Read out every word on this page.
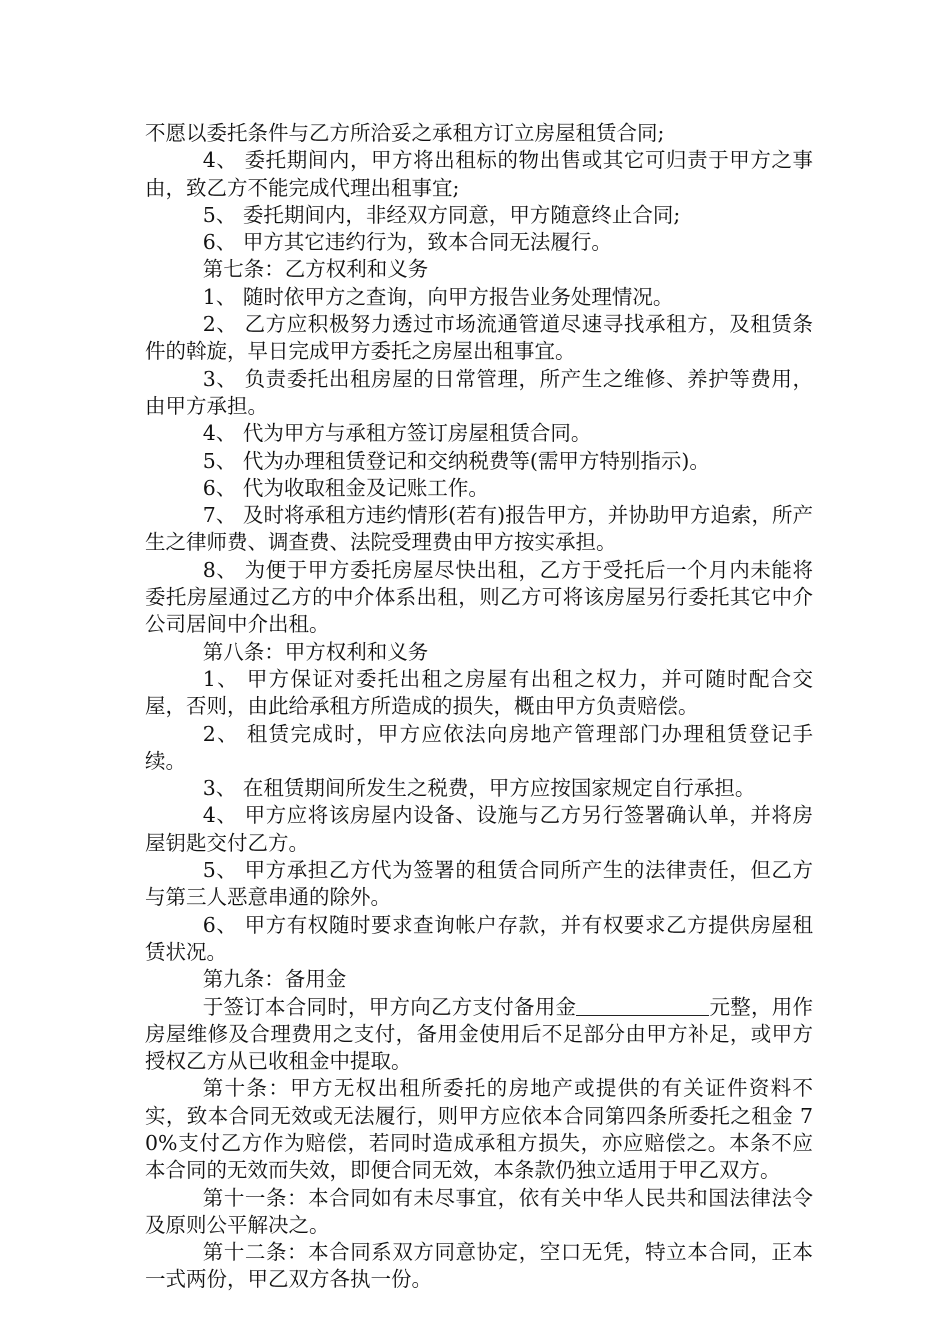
不愿以委托条件与乙方所洽妥之承租方订立房屋租赁合同;

4、 委托期间内，甲方将出租标的物出售或其它可归责于甲方之事由，致乙方不能完成代理出租事宜;

5、 委托期间内，非经双方同意，甲方随意终止合同;

6、 甲方其它违约行为，致本合同无法履行。

第七条：乙方权利和义务

1、 随时依甲方之查询，向甲方报告业务处理情况。

2、 乙方应积极努力透过市场流通管道尽速寻找承租方，及租赁条件的斡旋，早日完成甲方委托之房屋出租事宜。

3、 负责委托出租房屋的日常管理，所产生之维修、养护等费用，由甲方承担。

4、 代为甲方与承租方签订房屋租赁合同。

5、 代为办理租赁登记和交纳税费等(需甲方特别指示)。

6、 代为收取租金及记账工作。

7、 及时将承租方违约情形(若有)报告甲方，并协助甲方追索，所产生之律师费、调查费、法院受理费由甲方按实承担。

8、 为便于甲方委托房屋尽快出租，乙方于受托后一个月内未能将委托房屋通过乙方的中介体系出租，则乙方可将该房屋另行委托其它中介公司居间中介出租。

第八条：甲方权利和义务

1、 甲方保证对委托出租之房屋有出租之权力，并可随时配合交屋，否则，由此给承租方所造成的损失，概由甲方负责赔偿。

2、 租赁完成时，甲方应依法向房地产管理部门办理租赁登记手续。

3、 在租赁期间所发生之税费，甲方应按国家规定自行承担。

4、 甲方应将该房屋内设备、设施与乙方另行签署确认单，并将房屋钥匙交付乙方。

5、 甲方承担乙方代为签署的租赁合同所产生的法律责任，但乙方与第三人恶意串通的除外。

6、 甲方有权随时要求查询帐户存款，并有权要求乙方提供房屋租赁状况。

第九条：备用金

于签订本合同时，甲方向乙方支付备用金	元整，用作房屋维修及合理费用之支付，备用金使用后不足部分由甲方补足，或甲方授权乙方从已收租金中提取。

第十条：甲方无权出租所委托的房地产或提供的有关证件资料不实，致本合同无效或无法履行，则甲方应依本合同第四条所委托之租金 70%支付乙方作为赔偿，若同时造成承租方损失，亦应赔偿之。本条不应本合同的无效而失效，即便合同无效，本条款仍独立适用于甲乙双方。

第十一条：本合同如有未尽事宜，依有关中华人民共和国法律法令及原则公平解决之。

第十二条：本合同系双方同意协定，空口无凭，特立本合同，正本一式两份，甲乙双方各执一份。
